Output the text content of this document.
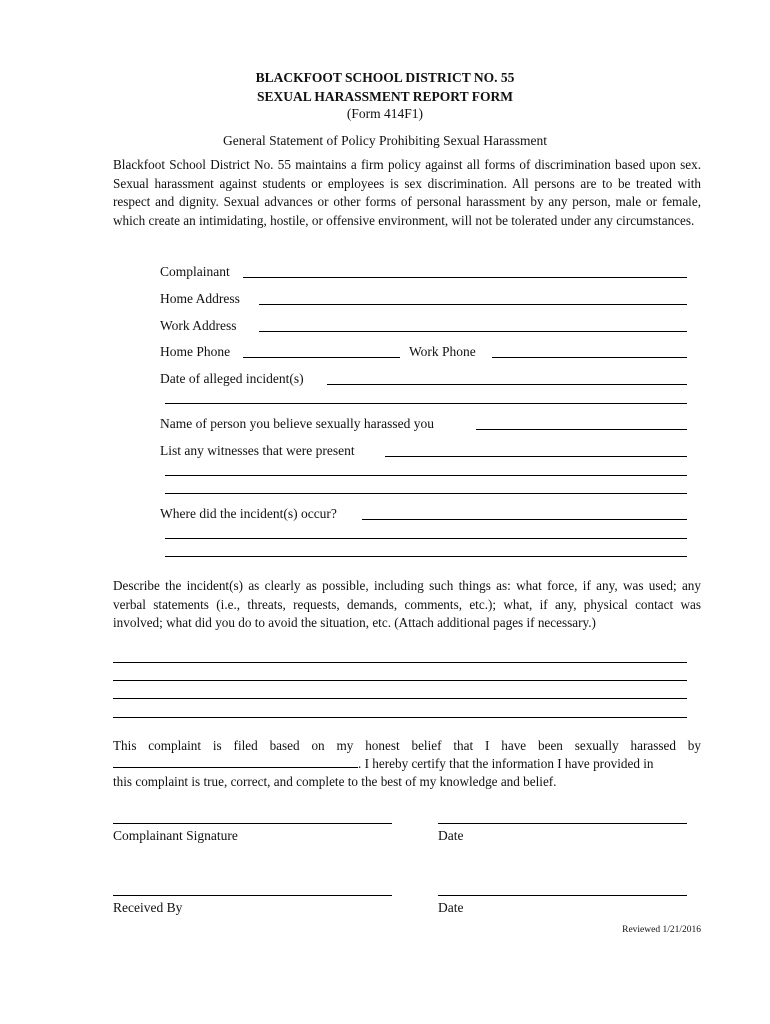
BLACKFOOT SCHOOL DISTRICT NO. 55
SEXUAL HARASSMENT REPORT FORM
(Form 414F1)
General Statement of Policy Prohibiting Sexual Harassment
Blackfoot School District No. 55 maintains a firm policy against all forms of discrimination based upon sex. Sexual harassment against students or employees is sex discrimination. All persons are to be treated with respect and dignity. Sexual advances or other forms of personal harassment by any person, male or female, which create an intimidating, hostile, or offensive environment, will not be tolerated under any circumstances.
Complainant
Home Address
Work Address
Home Phone	Work Phone
Date of alleged incident(s)
Name of person you believe sexually harassed you
List any witnesses that were present
Where did the incident(s) occur?
Describe the incident(s) as clearly as possible, including such things as: what force, if any, was used; any verbal statements (i.e., threats, requests, demands, comments, etc.); what, if any, physical contact was involved; what did you do to avoid the situation, etc. (Attach additional pages if necessary.)
This complaint is filed based on my honest belief that I have been sexually harassed by
. I hereby certify that the information I have provided in
this complaint is true, correct, and complete to the best of my knowledge and belief.
Complainant Signature	Date
Received By	Date
Reviewed 1/21/2016
